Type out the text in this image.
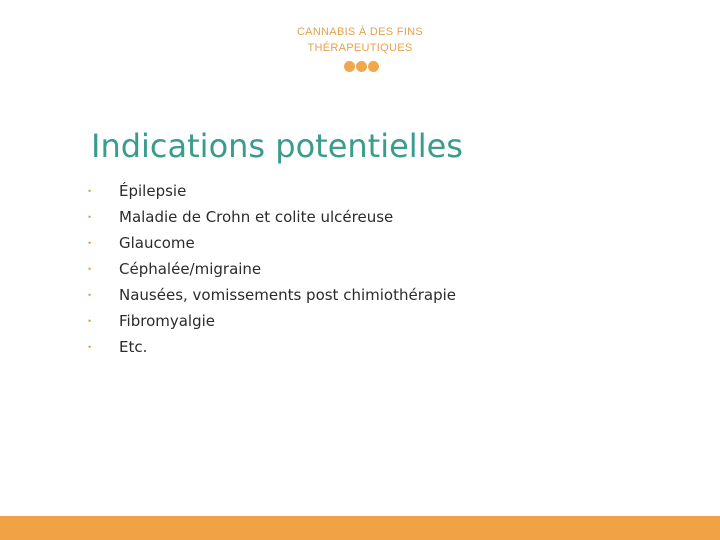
CANNABIS À DES FINS
THÉRAPEUTIQUES
Indications potentielles
•	Épilepsie
•	Maladie de Crohn et colite ulcéreuse
•	Glaucome
•	Céphalée/migraine
•	Nausées, vomissements post chimiothérapie
•	Fibromyalgie
•	Etc.
